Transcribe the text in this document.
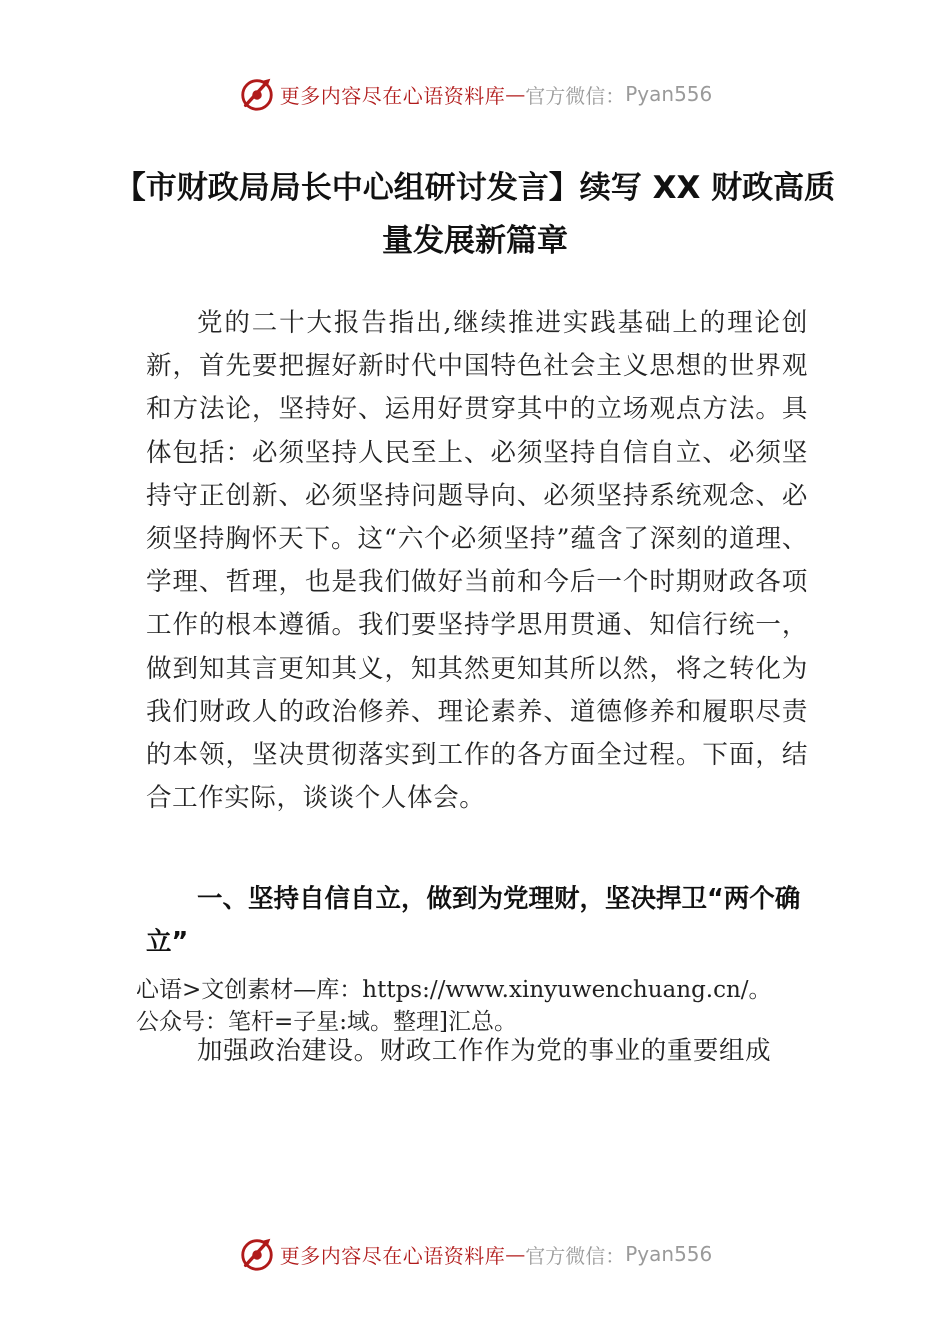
更多内容尽在心语资料库 — 官方微信： Pyan556
【市财政局局长中心组研讨发言】续写 XX 财政高质量发展新篇章

党的二十大报告指出,继续推进实践基础上的理论创新，首先要把握好新时代中国特色社会主义思想的世界观和方法论，坚持好、运用好贯穿其中的立场观点方法。具体包括：必须坚持人民至上、必须坚持自信自立、必须坚持守正创新、必须坚持问题导向、必须坚持系统观念、必须坚持胸怀天下。这“六个必须坚持”蕴含了深刻的道理、学理、哲理，也是我们做好当前和今后一个时期财政各项工作的根本遵循。我们要坚持学思用贯通、知信行统一，做到知其言更知其义，知其然更知其所以然，将之转化为我们财政人的政治修养、理论素养、道德修养和履职尽责的本领，坚决贯彻落实到工作的各方面全过程。下面，结合工作实际，谈谈个人体会。

一、坚持自信自立，做到为党理财，坚决捍卫“两个确立”
心语>文创素材—库：https://www.xinyuwenchuang.cn/。
公众号：笔杆=子星:域。整理]汇总。

加强政治建设。财政工作作为党的事业的重要组成

更多内容尽在心语资料库 — 官方微信： Pyan556
